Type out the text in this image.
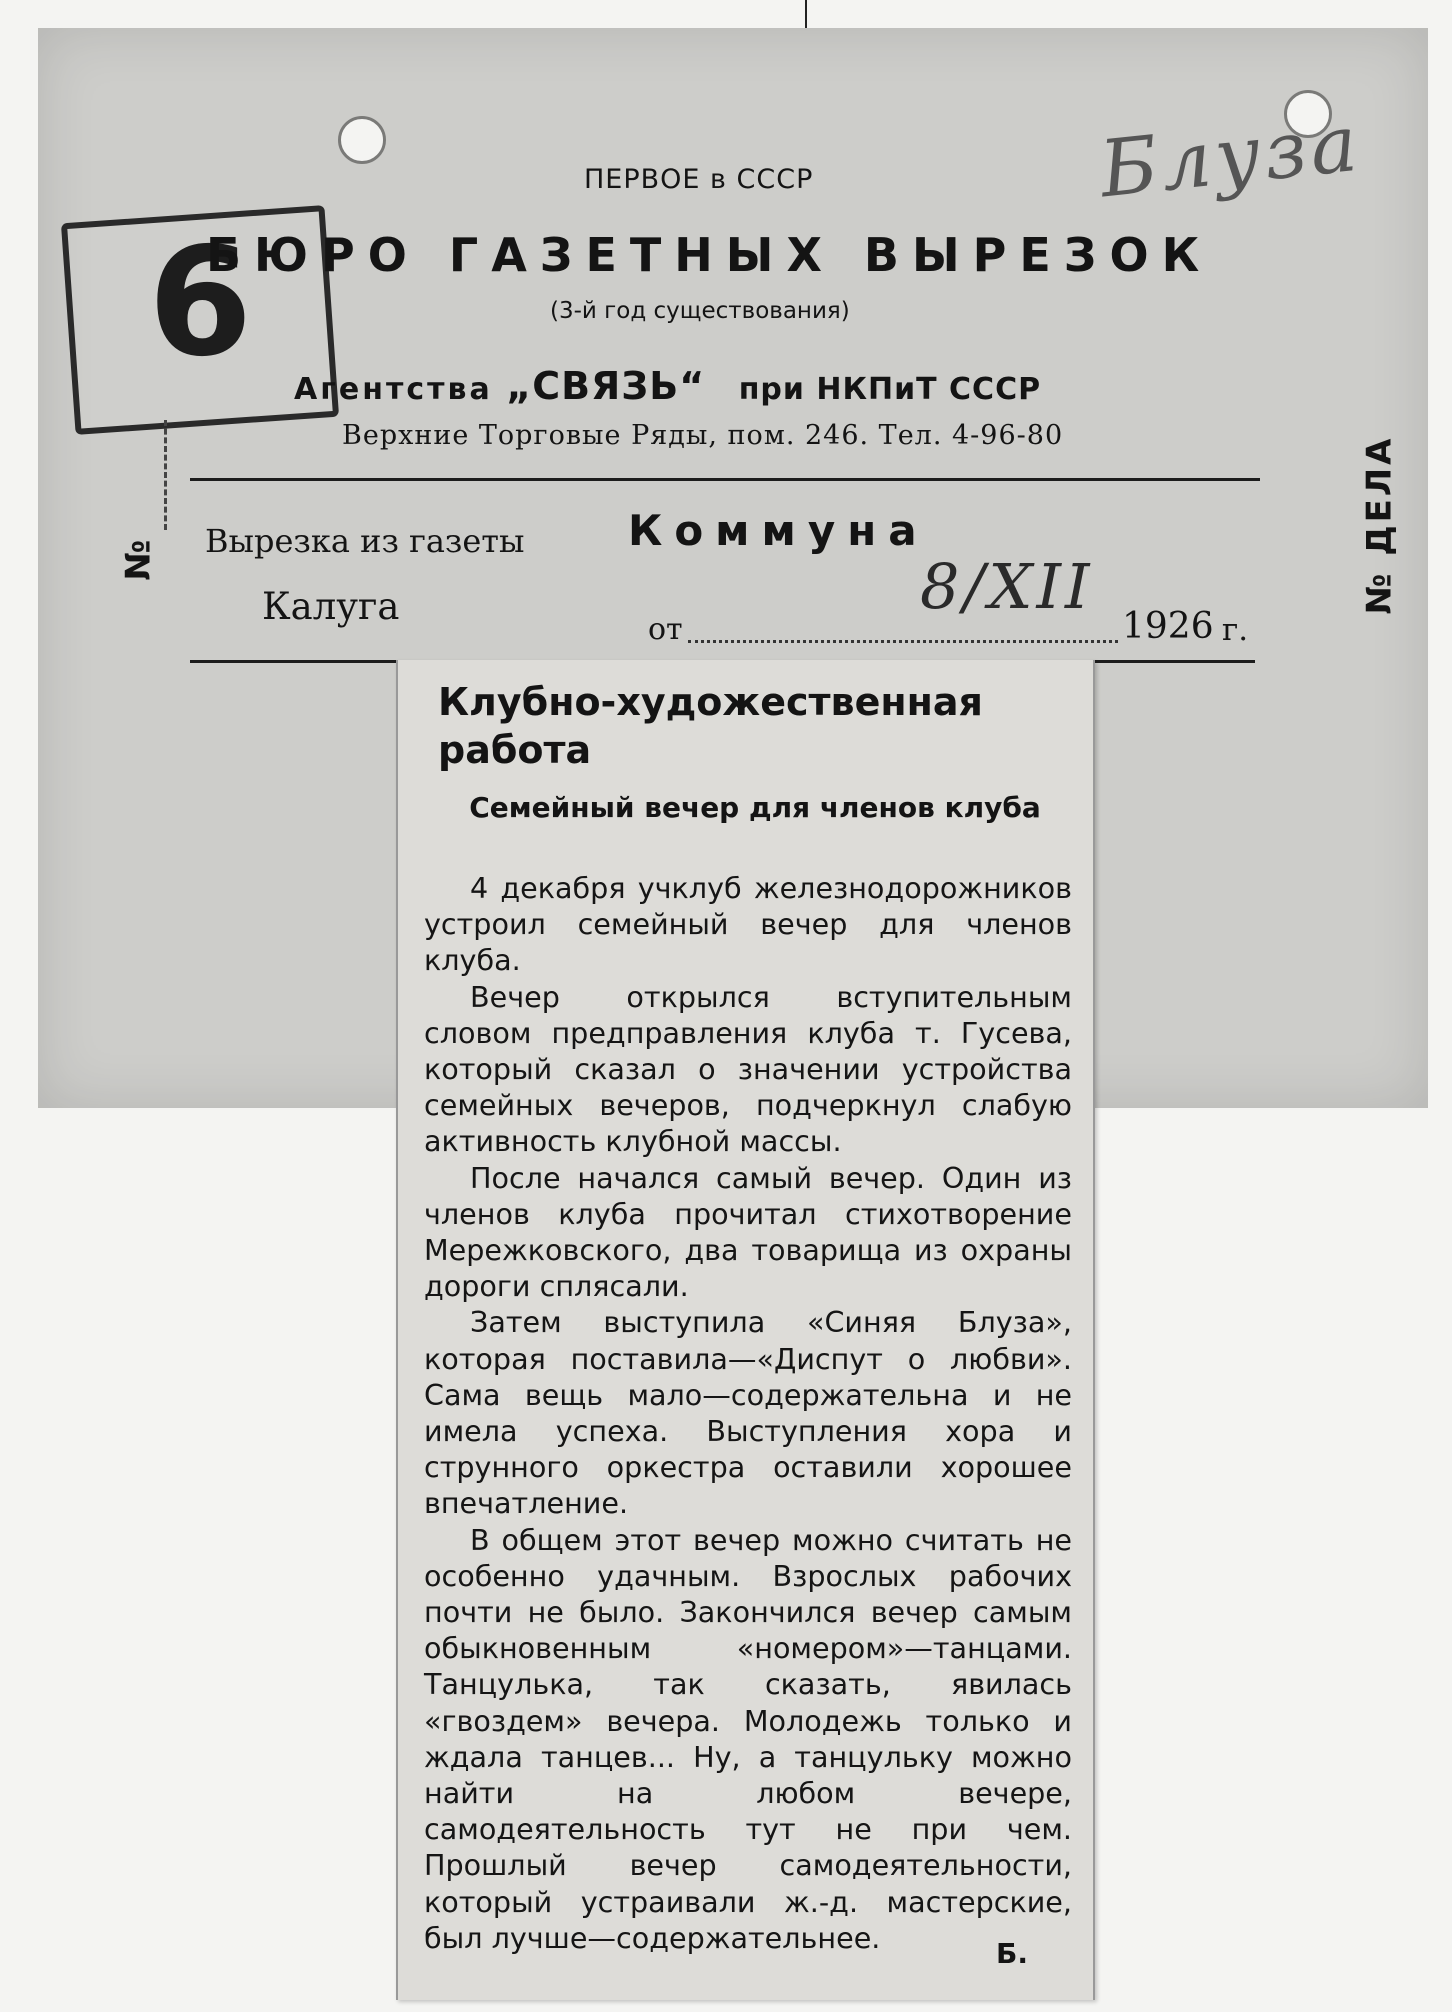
6
ПЕРВОЕ в СССР
БЮРО ГАЗЕТНЫХ ВЫРЕЗОК
(3-й год существования)
Агентства „СВЯЗЬ“ при НКПиТ СССР
Верхние Торговые Ряды, пом. 246. Тел. 4-96-80
Блуза
№ Вырезка из газеты Коммуна
Калуга
от
8/XII
1926 г.
№ ДЕЛА
Клубно-художественная работа
Семейный вечер для членов клуба

4 декабря учклуб железнодорожников устроил семейный вечер для членов клуба.

Вечер открылся вступительным словом предправления клуба т. Гусева, который сказал о значении устройства семейных вечеров, подчеркнул слабую активность клубной массы.

После начался самый вечер. Один из членов клуба прочитал стихотворение Мережковского, два товарища из охраны дороги сплясали.

Затем выступила «Синяя Блуза», которая поставила—«Диспут о любви». Сама вещь мало—содержательна и не имела успеха. Выступления хора и струнного оркестра оставили хорошее впечатление.

В общем этот вечер можно считать не особенно удачным. Взрослых рабочих почти не было. Закончился вечер самым обыкновенным «номером»—танцами. Танцулька, так сказать, явилась «гвоздем» вечера. Молодежь только и ждала танцев... Ну, а танцульку можно найти на любом вечере, самодеятельность тут не при чем. Прошлый вечер самодеятельности, который устраивали ж.-д. мастерские, был лучше—содержательнее.	Б.
